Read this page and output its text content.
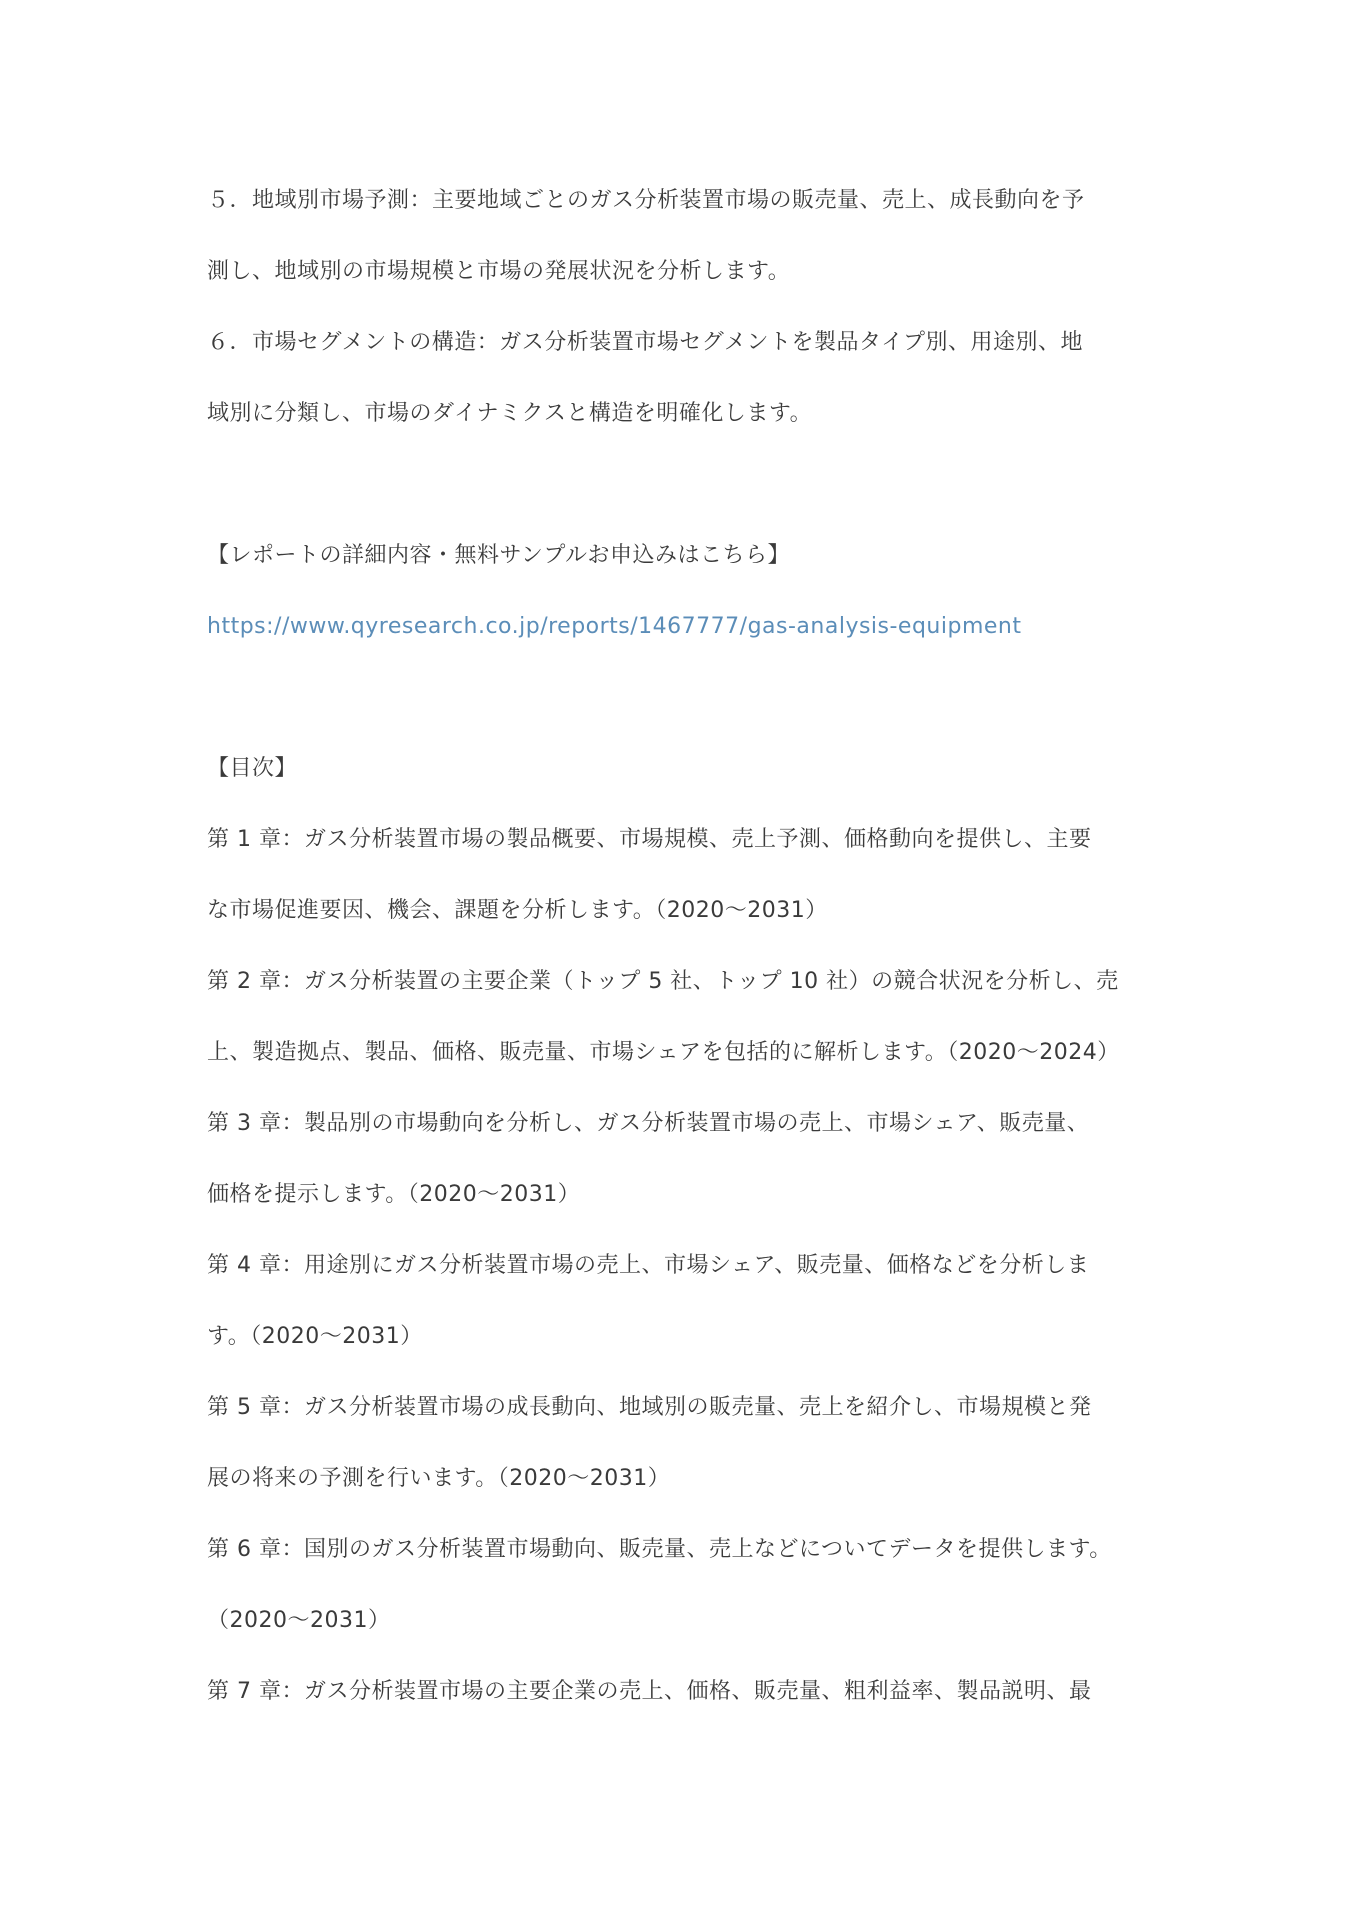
５．地域別市場予測：主要地域ごとのガス分析装置市場の販売量、売上、成長動向を予
測し、地域別の市場規模と市場の発展状況を分析します。
６．市場セグメントの構造：ガス分析装置市場セグメントを製品タイプ別、用途別、地
域別に分類し、市場のダイナミクスと構造を明確化します。
【レポートの詳細内容・無料サンプルお申込みはこちら】
https://www.qyresearch.co.jp/reports/1467777/gas-analysis-equipment
【目次】
第 1 章：ガス分析装置市場の製品概要、市場規模、売上予測、価格動向を提供し、主要
な市場促進要因、機会、課題を分析します。（2020～2031）
第 2 章：ガス分析装置の主要企業（トップ 5 社、トップ 10 社）の競合状況を分析し、売
上、製造拠点、製品、価格、販売量、市場シェアを包括的に解析します。（2020～2024）
第 3 章：製品別の市場動向を分析し、ガス分析装置市場の売上、市場シェア、販売量、
価格を提示します。（2020～2031）
第 4 章：用途別にガス分析装置市場の売上、市場シェア、販売量、価格などを分析しま
す。（2020～2031）
第 5 章：ガス分析装置市場の成長動向、地域別の販売量、売上を紹介し、市場規模と発
展の将来の予測を行います。（2020～2031）
第 6 章：国別のガス分析装置市場動向、販売量、売上などについてデータを提供します。
（2020～2031）
第 7 章：ガス分析装置市場の主要企業の売上、価格、販売量、粗利益率、製品説明、最
